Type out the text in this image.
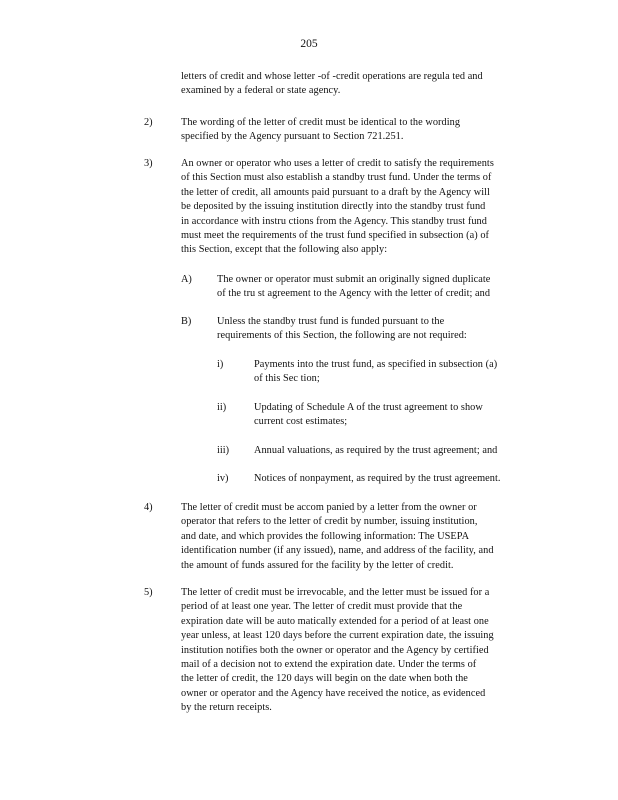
205
letters of credit and whose letter -of -credit operations are regula ted and
examined by a federal or state agency.
2)	The wording of the letter of credit must be identical to the wording
specified by the Agency pursuant to Section 721.251.
3)	An owner or operator who uses a letter of credit to satisfy the requirements
of this Section must also establish a standby trust fund. Under the terms of
the letter of credit, all amounts paid pursuant to a draft by the Agency will
be deposited by the issuing institution directly into the standby trust fund
in accordance with instru ctions from the Agency. This standby trust fund
must meet the requirements of the trust fund specified in subsection (a) of
this Section, except that the following also apply:
A) The owner or operator must submit an originally signed duplicate
of the tru st agreement to the Agency with the letter of credit; and
B) Unless the standby trust fund is funded pursuant to the
requirements of this Section, the following are not required:
i)	Payments into the trust fund, as specified in subsection (a)
of this Sec tion;
ii)	Updating of Schedule A of the trust agreement to show
current cost estimates;
iii) Annual valuations, as required by the trust agreement; and
iv) Notices of nonpayment, as required by the trust agreement.
4)	The letter of credit must be accom panied by a letter from the owner or
operator that refers to the letter of credit by number, issuing institution,
and date, and which provides the following information: The USEPA
identification number (if any issued), name, and address of the facility, and
the amount of funds assured for the facility by the letter of credit.
5)	The letter of credit must be irrevocable, and the letter must be issued for a
period of at least one year. The letter of credit must provide that the
expiration date will be auto matically extended for a period of at least one
year unless, at least 120 days before the current expiration date, the issuing
institution notifies both the owner or operator and the Agency by certified
mail of a decision not to extend the expiration date. Under the terms of
the letter of credit, the 120 days will begin on the date when both the
owner or operator and the Agency have received the notice, as evidenced
by the return receipts.
